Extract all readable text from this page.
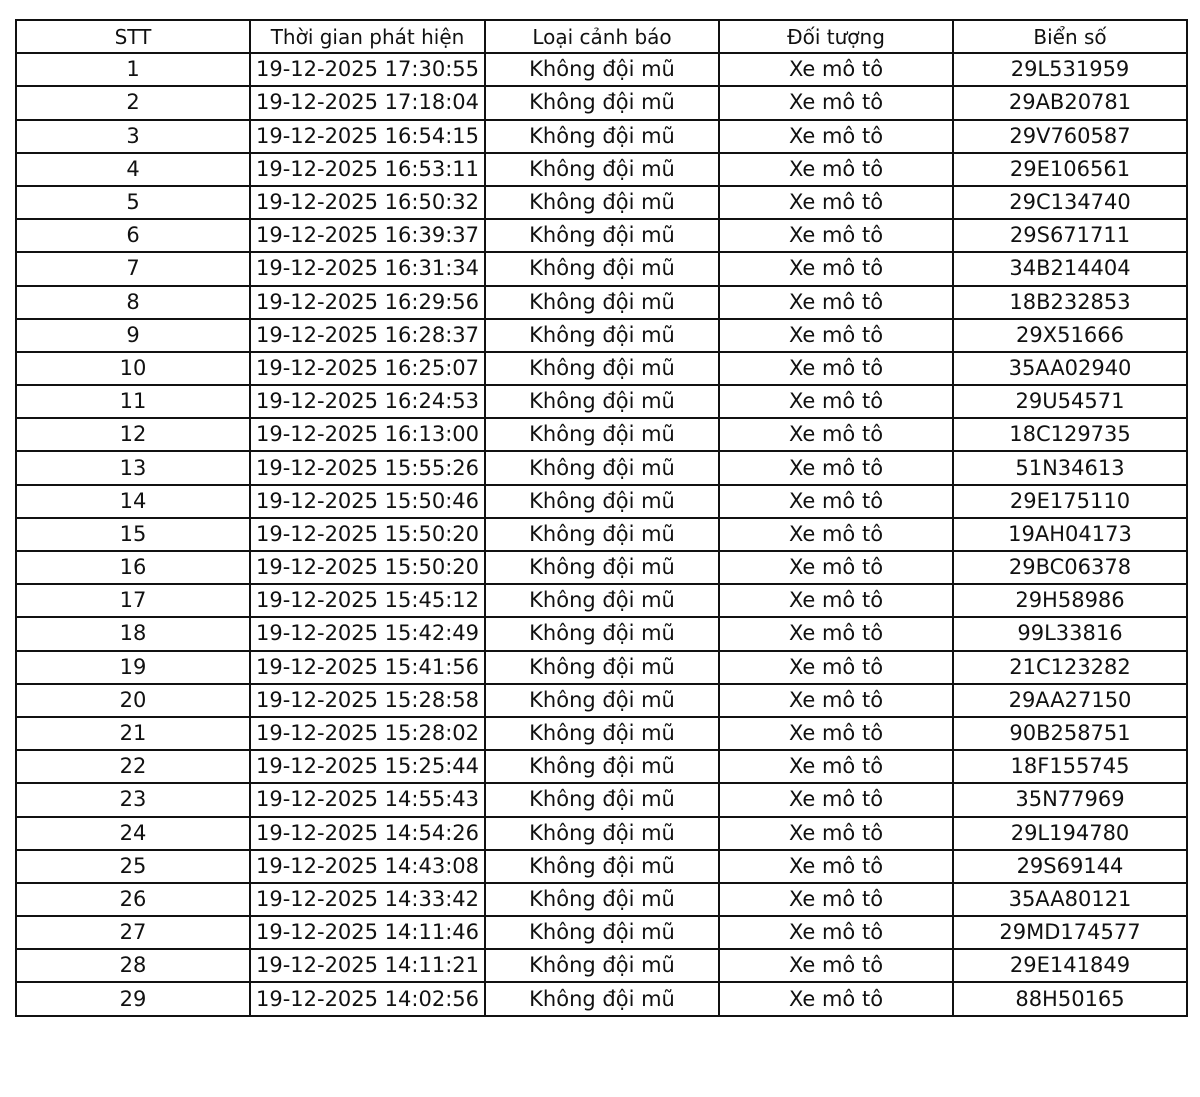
STT	Thời gian phát hiện	Loại cảnh báo	Đối tượng	Biển số
1	19-12-2025 17:30:55	Không đội mũ	Xe mô tô	29L531959
2	19-12-2025 17:18:04	Không đội mũ	Xe mô tô	29AB20781
3	19-12-2025 16:54:15	Không đội mũ	Xe mô tô	29V760587
4	19-12-2025 16:53:11	Không đội mũ	Xe mô tô	29E106561
5	19-12-2025 16:50:32	Không đội mũ	Xe mô tô	29C134740
6	19-12-2025 16:39:37	Không đội mũ	Xe mô tô	29S671711
7	19-12-2025 16:31:34	Không đội mũ	Xe mô tô	34B214404
8	19-12-2025 16:29:56	Không đội mũ	Xe mô tô	18B232853
9	19-12-2025 16:28:37	Không đội mũ	Xe mô tô	29X51666
10	19-12-2025 16:25:07	Không đội mũ	Xe mô tô	35AA02940
11	19-12-2025 16:24:53	Không đội mũ	Xe mô tô	29U54571
12	19-12-2025 16:13:00	Không đội mũ	Xe mô tô	18C129735
13	19-12-2025 15:55:26	Không đội mũ	Xe mô tô	51N34613
14	19-12-2025 15:50:46	Không đội mũ	Xe mô tô	29E175110
15	19-12-2025 15:50:20	Không đội mũ	Xe mô tô	19AH04173
16	19-12-2025 15:50:20	Không đội mũ	Xe mô tô	29BC06378
17	19-12-2025 15:45:12	Không đội mũ	Xe mô tô	29H58986
18	19-12-2025 15:42:49	Không đội mũ	Xe mô tô	99L33816
19	19-12-2025 15:41:56	Không đội mũ	Xe mô tô	21C123282
20	19-12-2025 15:28:58	Không đội mũ	Xe mô tô	29AA27150
21	19-12-2025 15:28:02	Không đội mũ	Xe mô tô	90B258751
22	19-12-2025 15:25:44	Không đội mũ	Xe mô tô	18F155745
23	19-12-2025 14:55:43	Không đội mũ	Xe mô tô	35N77969
24	19-12-2025 14:54:26	Không đội mũ	Xe mô tô	29L194780
25	19-12-2025 14:43:08	Không đội mũ	Xe mô tô	29S69144
26	19-12-2025 14:33:42	Không đội mũ	Xe mô tô	35AA80121
27	19-12-2025 14:11:46	Không đội mũ	Xe mô tô	29MD174577
28	19-12-2025 14:11:21	Không đội mũ	Xe mô tô	29E141849
29	19-12-2025 14:02:56	Không đội mũ	Xe mô tô	88H50165
